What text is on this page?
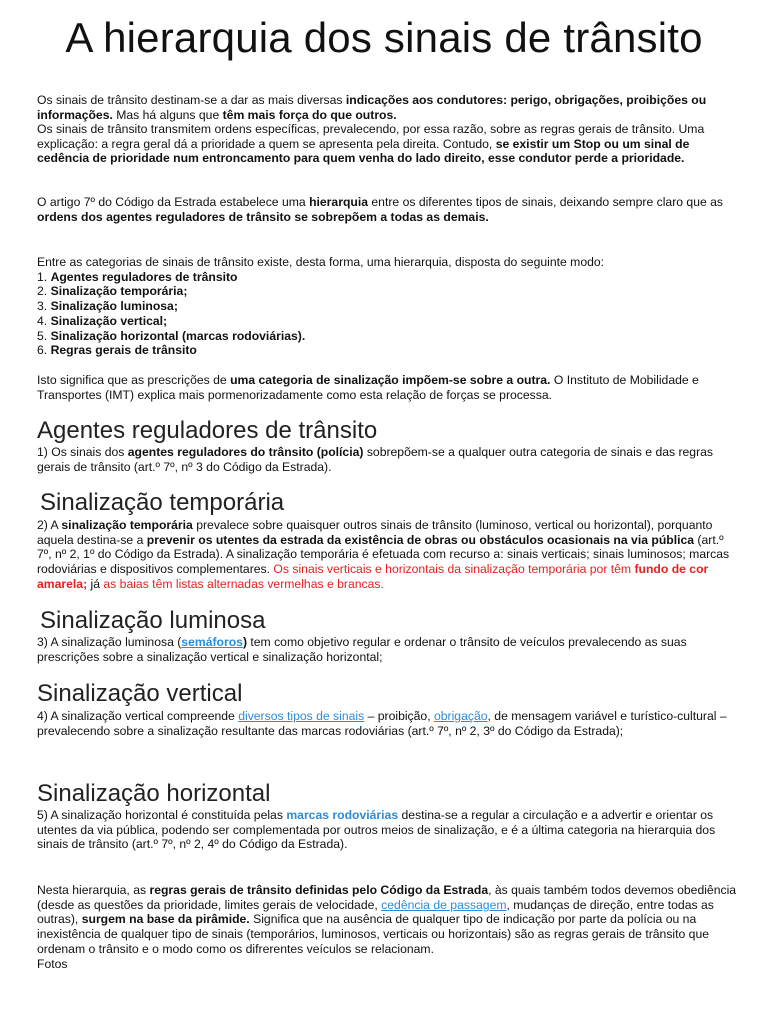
A hierarquia dos sinais de trânsito

Os sinais de trânsito destinam-se a dar as mais diversas indicações aos condutores: perigo, obrigações, proibições ou informações. Mas há alguns que têm mais força do que outros.

Os sinais de trânsito transmitem ordens específicas, prevalecendo, por essa razão, sobre as regras gerais de trânsito. Uma explicação: a regra geral dá a prioridade a quem se apresenta pela direita. Contudo, se existir um Stop ou um sinal de cedência de prioridade num entroncamento para quem venha do lado direito, esse condutor perde a prioridade.

O artigo 7º do Código da Estrada estabelece uma hierarquia entre os diferentes tipos de sinais, deixando sempre claro que as ordens dos agentes reguladores de trânsito se sobrepõem a todas as demais.

Entre as categorias de sinais de trânsito existe, desta forma, uma hierarquia, disposta do seguinte modo:
1. Agentes reguladores de trânsito
2. Sinalização temporária;
3. Sinalização luminosa;
4. Sinalização vertical;
5. Sinalização horizontal (marcas rodoviárias).
6. Regras gerais de trânsito

Isto significa que as prescrições de uma categoria de sinalização impõem-se sobre a outra. O Instituto de Mobilidade e Transportes (IMT) explica mais pormenorizadamente como esta relação de forças se processa.

Agentes reguladores de trânsito

1) Os sinais dos agentes reguladores do trânsito (polícia) sobrepõem-se a qualquer outra categoria de sinais e das regras gerais de trânsito (art.º 7º, nº 3 do Código da Estrada).

Sinalização temporária

2) A sinalização temporária prevalece sobre quaisquer outros sinais de trânsito (luminoso, vertical ou horizontal), porquanto aquela destina-se a prevenir os utentes da estrada da existência de obras ou obstáculos ocasionais na via pública (art.º 7º, nº 2, 1º do Código da Estrada). A sinalização temporária é efetuada com recurso a: sinais verticais; sinais luminosos; marcas rodoviárias e dispositivos complementares. Os sinais verticais e horizontais da sinalização temporária por têm fundo de cor amarela; já as baias têm listas alternadas vermelhas e brancas.

Sinalização luminosa

3) A sinalização luminosa (semáforos) tem como objetivo regular e ordenar o trânsito de veículos prevalecendo as suas prescrições sobre a sinalização vertical e sinalização horizontal;

Sinalização vertical

4) A sinalização vertical compreende diversos tipos de sinais – proibição, obrigação, de mensagem variável e turístico-cultural – prevalecendo sobre a sinalização resultante das marcas rodoviárias (art.º 7º, nº 2, 3º do Código da Estrada);

Sinalização horizontal

5) A sinalização horizontal é constituída pelas marcas rodoviárias destina-se a regular a circulação e a advertir e orientar os utentes da via pública, podendo ser complementada por outros meios de sinalização, e é a última categoria na hierarquia dos sinais de trânsito (art.º 7º, nº 2, 4º do Código da Estrada).

Nesta hierarquia, as regras gerais de trânsito definidas pelo Código da Estrada, às quais também todos devemos obediência (desde as questões da prioridade, limites gerais de velocidade, cedência de passagem, mudanças de direção, entre todas as outras), surgem na base da pirâmide. Significa que na ausência de qualquer tipo de indicação por parte da polícia ou na inexistência de qualquer tipo de sinais (temporários, luminosos, verticais ou horizontais) são as regras gerais de trânsito que ordenam o trânsito e o modo como os difrerentes veículos se relacionam.
Fotos
